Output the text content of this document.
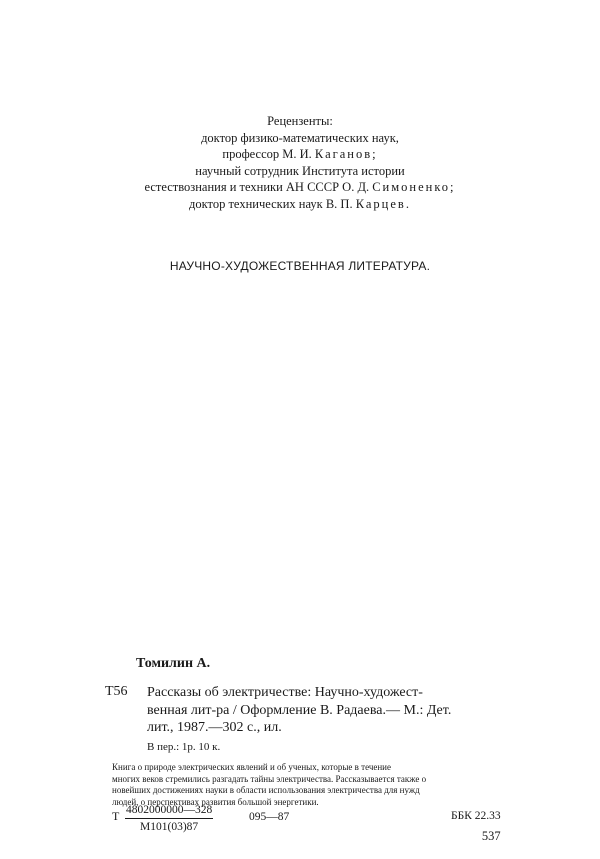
Рецензенты:
доктор физико-математических наук,
профессор М. И. Каганов;
научный сотрудник Института истории
естествознания и техники АН СССР О. Д. Симоненко;
доктор технических наук В. П. Карцев.
НАУЧНО-ХУДОЖЕСТВЕННАЯ ЛИТЕРАТУРА.
Томилин А.
Т56 Рассказы об электричестве: Научно-художест-
венная лит-ра / Оформление В. Радаева.— М.: Дет.
лит., 1987.—302 с., ил.
В пер.: 1р. 10 к.
Книга о природе электрических явлений и об ученых, которые в течение
многих веков стремились разгадать тайны электричества. Рассказывается также о
новейших достижениях науки в области использования электричества для нужд
людей, о перспективах развития большой энергетики.
Т 4802000000—328
М101(03)87
095—87	ББК 22.33
537
